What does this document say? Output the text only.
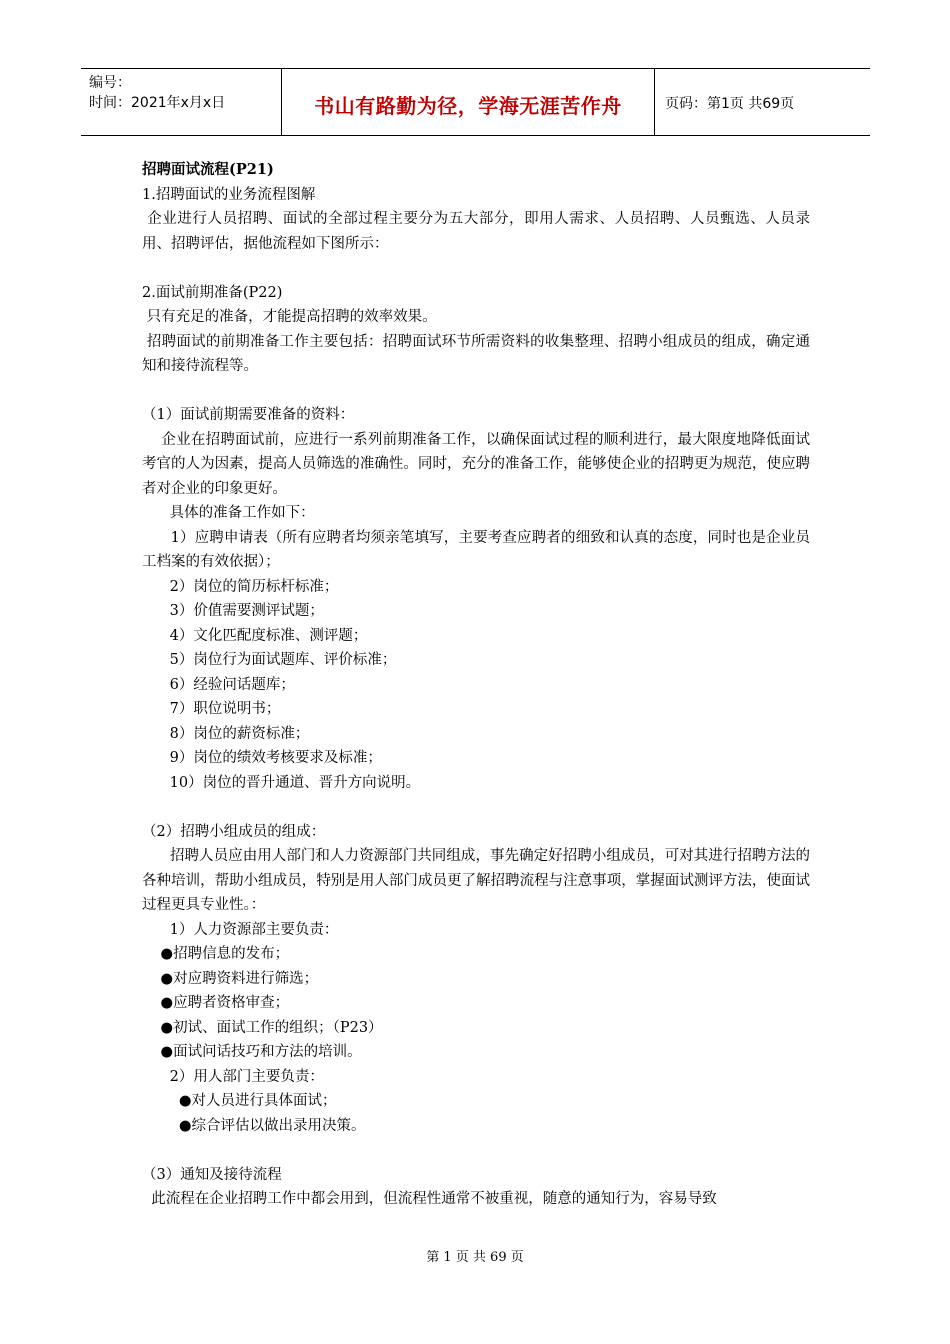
编号：
时间：2021年x月x日	书山有路勤为径，学海无涯苦作舟	页码：第1页 共69页

招聘面试流程(P21)

1.招聘面试的业务流程图解

企业进行人员招聘、面试的全部过程主要分为五大部分，即用人需求、人员招聘、人员甄选、人员录用、招聘评估，据他流程如下图所示：

2.面试前期准备(P22)

只有充足的准备，才能提高招聘的效率效果。

招聘面试的前期准备工作主要包括：招聘面试环节所需资料的收集整理、招聘小组成员的组成，确定通知和接待流程等。

（1）面试前期需要准备的资料：

企业在招聘面试前，应进行一系列前期准备工作，以确保面试过程的顺利进行，最大限度地降低面试考官的人为因素，提高人员筛选的准确性。同时，充分的准备工作，能够使企业的招聘更为规范，使应聘者对企业的印象更好。

具体的准备工作如下：

1）应聘申请表（所有应聘者均须亲笔填写，主要考查应聘者的细致和认真的态度，同时也是企业员工档案的有效依据）；

2）岗位的简历标杆标准；

3）价值需要测评试题；

4）文化匹配度标准、测评题；

5）岗位行为面试题库、评价标准；

6）经验问话题库；

7）职位说明书；

8）岗位的薪资标准；

9）岗位的绩效考核要求及标准；

10）岗位的晋升通道、晋升方向说明。

（2）招聘小组成员的组成：

招聘人员应由用人部门和人力资源部门共同组成，事先确定好招聘小组成员，可对其进行招聘方法的各种培训，帮助小组成员，特别是用人部门成员更了解招聘流程与注意事项，掌握面试测评方法，使面试过程更具专业性。：

1）人力资源部主要负责：

●招聘信息的发布；

●对应聘资料进行筛选；

●应聘者资格审查；

●初试、面试工作的组织；（P23）

●面试问话技巧和方法的培训。

2）用人部门主要负责：

●对人员进行具体面试；

●综合评估以做出录用决策。

（3）通知及接待流程

此流程在企业招聘工作中都会用到，但流程性通常不被重视，随意的通知行为，容易导致

第 1 页 共 69 页
